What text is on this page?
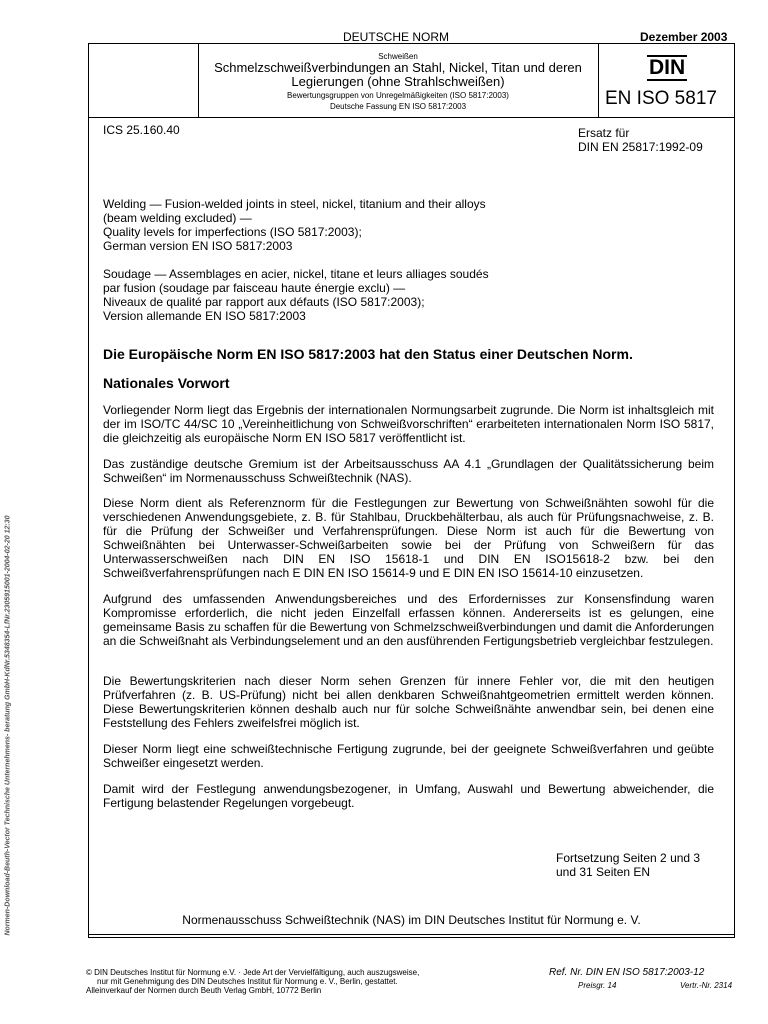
DEUTSCHE NORM	Dezember 2003
Schweißen
Schmelzschweißverbindungen an Stahl, Nickel, Titan und deren
Legierungen (ohne Strahlschweißen)
Bewertungsgruppen von Unregelmäßigkeiten (ISO 5817:2003)
Deutsche Fassung EN ISO 5817:2003
DIN
EN ISO 5817
ICS 25.160.40	Ersatz für
DIN EN 25817:1992-09
Welding — Fusion-welded joints in steel, nickel, titanium and their alloys
(beam welding excluded) —
Quality levels for imperfections (ISO 5817:2003);
German version EN ISO 5817:2003
Soudage — Assemblages en acier, nickel, titane et leurs alliages soudés
par fusion (soudage par faisceau haute énergie exclu) —
Niveaux de qualité par rapport aux défauts (ISO 5817:2003);
Version allemande EN ISO 5817:2003
Die Europäische Norm EN ISO 5817:2003 hat den Status einer Deutschen Norm.
Nationales Vorwort
Vorliegender Norm liegt das Ergebnis der internationalen Normungsarbeit zugrunde. Die Norm ist inhaltsgleich mit der im ISO/TC 44/SC 10 „Vereinheitlichung von Schweißvorschriften“ erarbeiteten internationalen Norm ISO 5817, die gleichzeitig als europäische Norm EN ISO 5817 veröffentlicht ist.
Das zuständige deutsche Gremium ist der Arbeitsausschuss AA 4.1 „Grundlagen der Qualitätssicherung beim Schweißen“ im Normenausschuss Schweißtechnik (NAS).
Diese Norm dient als Referenznorm für die Festlegungen zur Bewertung von Schweißnähten sowohl für die verschiedenen Anwendungsgebiete, z. B. für Stahlbau, Druckbehälterbau, als auch für Prüfungsnachweise, z. B. für die Prüfung der Schweißer und Verfahrensprüfungen. Diese Norm ist auch für die Bewertung von Schweißnähten bei Unterwasser-Schweißarbeiten sowie bei der Prüfung von Schweißern für das Unterwasserschweißen nach DIN EN ISO 15618-1 und DIN EN ISO15618-2 bzw. bei den Schweißverfahrensprüfungen nach E DIN EN ISO 15614-9 und E DIN EN ISO 15614-10 einzusetzen.
Aufgrund des umfassenden Anwendungsbereiches und des Erfordernisses zur Konsensfindung waren Kompromisse erforderlich, die nicht jeden Einzelfall erfassen können. Andererseits ist es gelungen, eine gemeinsame Basis zu schaffen für die Bewertung von Schmelzschweißverbindungen und damit die Anforderungen an die Schweißnaht als Verbindungselement und an den ausführenden Fertigungsbetrieb vergleichbar festzulegen.
Die Bewertungskriterien nach dieser Norm sehen Grenzen für innere Fehler vor, die mit den heutigen Prüfverfahren (z. B. US-Prüfung) nicht bei allen denkbaren Schweißnahtgeometrien ermittelt werden können. Diese Bewertungskriterien können deshalb auch nur für solche Schweißnähte anwendbar sein, bei denen eine Feststellung des Fehlers zweifelsfrei möglich ist.
Dieser Norm liegt eine schweißtechnische Fertigung zugrunde, bei der geeignete Schweißverfahren und geübte Schweißer eingesetzt werden.
Damit wird der Festlegung anwendungsbezogener, in Umfang, Auswahl und Bewertung abweichender, die Fertigung belastender Regelungen vorgebeugt.
Fortsetzung Seiten 2 und 3
und 31 Seiten EN
Normenausschuss Schweißtechnik (NAS) im DIN Deutsches Institut für Normung e. V.
© DIN Deutsches Institut für Normung e.V. · Jede Art der Vervielfältigung, auch auszugsweise,
nur mit Genehmigung des DIN Deutsches Institut für Normung e. V., Berlin, gestattet.
Alleinverkauf der Normen durch Beuth Verlag GmbH, 10772 Berlin
Ref. Nr. DIN EN ISO 5817:2003-12
Preisgr. 14	Vertr.-Nr. 2314
Normen-Download-Beuth-Vector Technische Unternehmens- beratung GmbH-KdNr.5348354-LfNr.2305915001-2004-02-20 12:30
